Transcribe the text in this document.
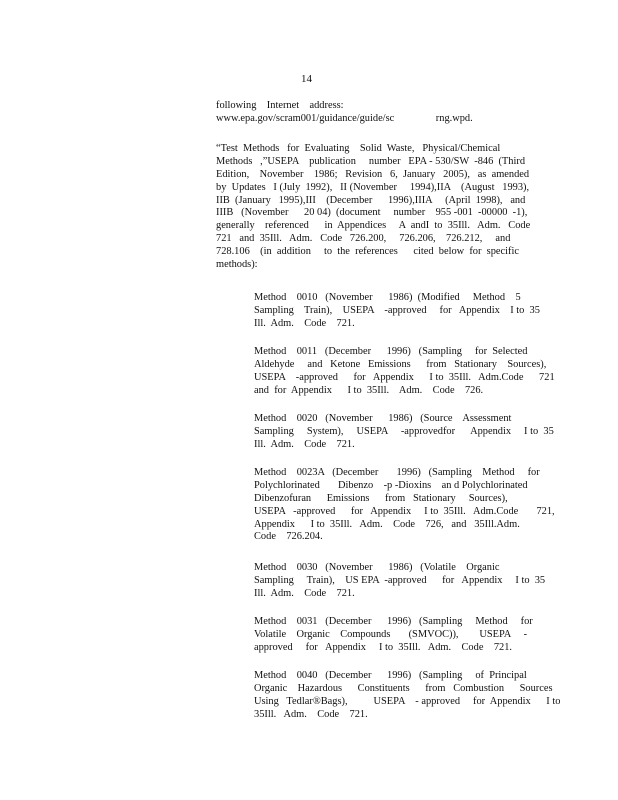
14
following    Internet    address:
www.epa.gov/scram001/guidance/guide/sc                rng.wpd.
“Test  Methods   for  Evaluating    Solid  Waste,   Physical/Chemical
Methods   ,”USEPA    publication     number   EPA - 530/SW  -846  (Third
Edition,    November    1986;   Revision   6,  January   2005),   as  amended
by  Updates   I (July  1992),   II (November     1994),IIA    (August   1993),
IIB  (January   1995),III    (December      1996),IIIA     (April  1998),   and
IIIB   (November      20 04)  (document     number    955 -001  -00000  -1),
generally    referenced      in  Appendices     A  andI  to  35Ill.   Adm.   Code
721   and  35Ill.   Adm.   Code   726.200,     726.206,    726.212,     and
728.106    (in  addition     to  the  references      cited  below  for  specific
methods):
Method    0010   (November      1986)  (Modified     Method    5
Sampling    Train),    USEPA    -approved     for   Appendix    I to  35
Ill.  Adm.    Code    721.
Method    0011   (December      1996)   (Sampling     for  Selected
Aldehyde     and   Ketone   Emissions      from   Stationary    Sources),
USEPA    -approved      for   Appendix      I to  35Ill.   Adm.Code      721
and  for  Appendix      I to  35Ill.    Adm.    Code    726.
Method    0020   (November      1986)   (Source    Assessment
Sampling     System),     USEPA     -approvedfor      Appendix     I to  35
Ill.  Adm.    Code    721.
Method    0023A   (December       1996)   (Sampling    Method     for
Polychlorinated       Dibenzo    -p -Dioxins    an d Polychlorinated
Dibenzofuran      Emissions      from   Stationary     Sources),
USEPA   -approved      for   Appendix     I to  35Ill.   Adm.Code       721,
Appendix      I to  35Ill.   Adm.    Code    726,   and   35Ill.Adm.
Code    726.204.
Method    0030   (November      1986)   (Volatile    Organic
Sampling     Train),    US EPA  -approved      for   Appendix     I to  35
Ill.  Adm.    Code    721.
Method    0031   (December      1996)   (Sampling     Method     for
Volatile    Organic    Compounds       (SMVOC)),        USEPA     -
approved     for   Appendix     I to  35Ill.   Adm.    Code    721.
Method    0040   (December      1996)   (Sampling     of  Principal
Organic    Hazardous      Constituents      from   Combustion      Sources
Using   Tedlar®Bags),          USEPA    - approved     for  Appendix      I to
35Ill.   Adm.    Code    721.
